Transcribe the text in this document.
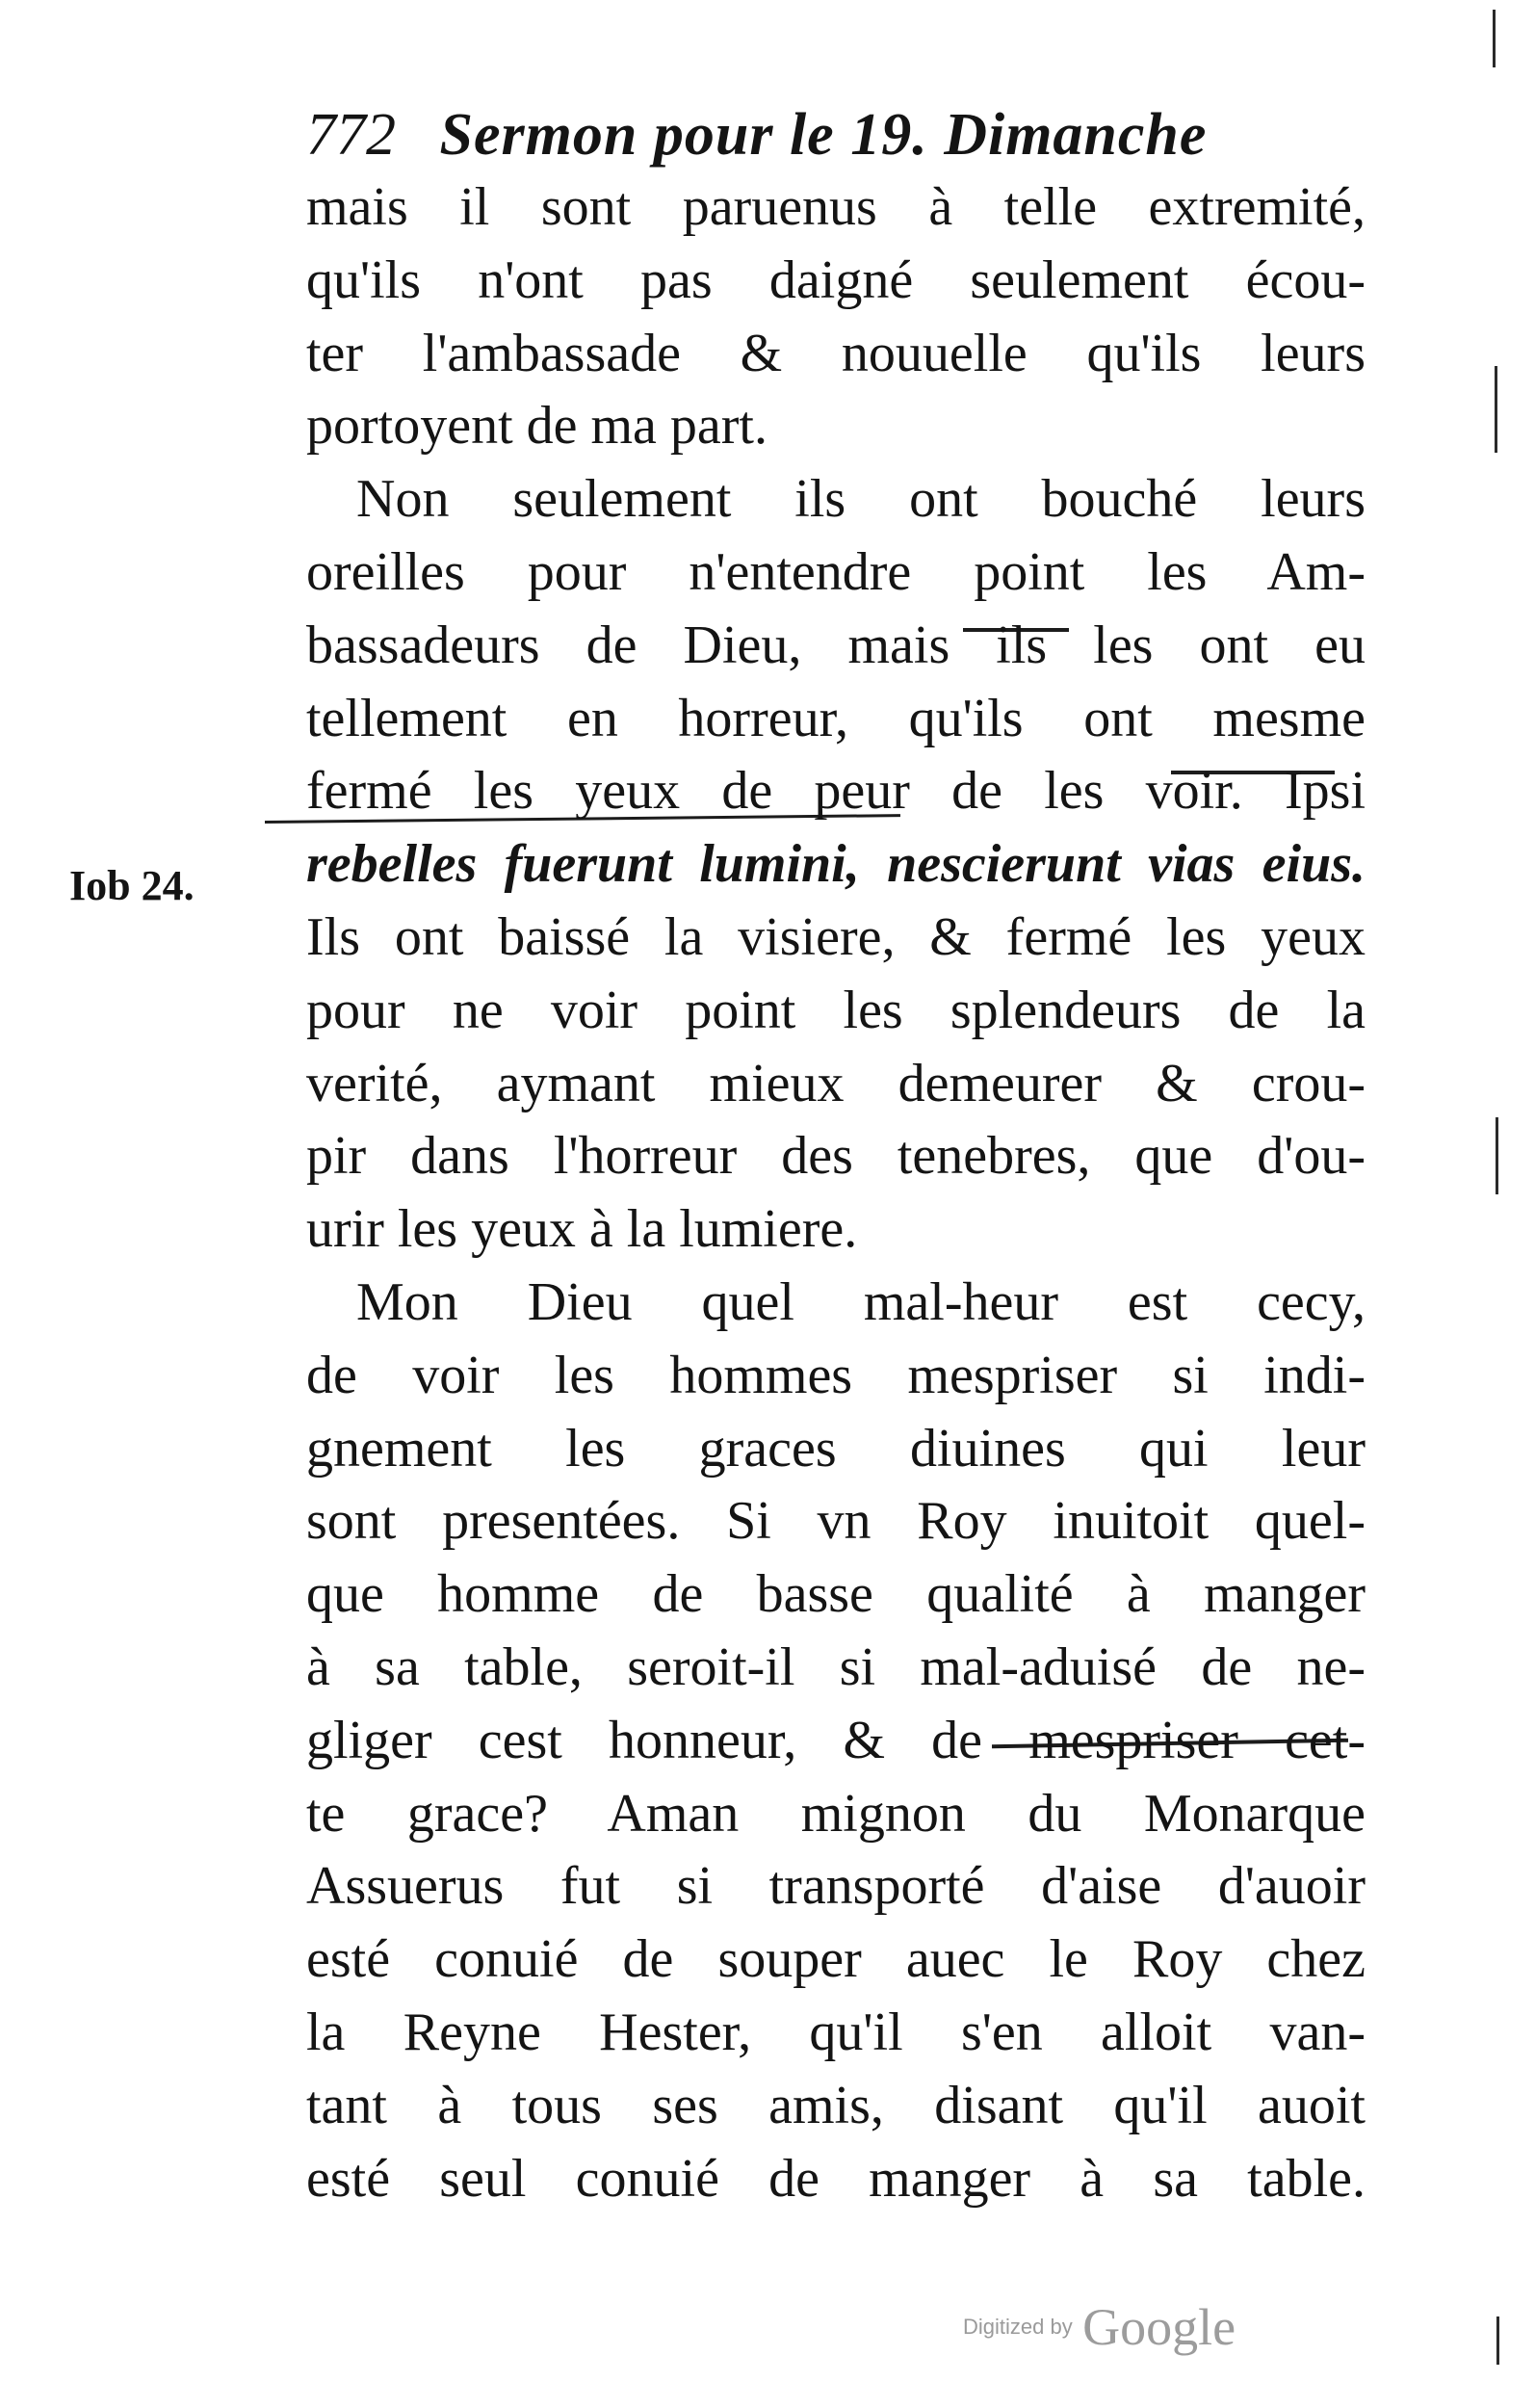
772 Sermon pour le 19. Dimanche
Iob 24.
mais il sont paruenus à telle extremité,
qu'ils n'ont pas daigné seulement écou-
ter l'ambassade & nouuelle qu'ils leurs
portoyent de ma part.
Non seulement ils ont bouché leurs
oreilles pour n'entendre point les Am-
bassadeurs de Dieu, mais ils les ont eu
tellement en horreur, qu'ils ont mesme
fermé les yeux de peur de les voir. Ipsi
rebelles fuerunt lumini, nescierunt vias eius.
Ils ont baissé la visiere, & fermé les yeux
pour ne voir point les splendeurs de la
verité, aymant mieux demeurer & crou-
pir dans l'horreur des tenebres, que d'ou-
urir les yeux à la lumiere.
Mon Dieu quel mal-heur est cecy,
de voir les hommes mespriser si indi-
gnement les graces diuines qui leur
sont presentées. Si vn Roy inuitoit quel-
que homme de basse qualité à manger
à sa table, seroit-il si mal-aduisé de ne-
gliger cest honneur, & de mespriser cet-
te grace? Aman mignon du Monarque
Assuerus fut si transporté d'aise d'auoir
esté conuié de souper auec le Roy chez
la Reyne Hester, qu'il s'en alloit van-
tant à tous ses amis, disant qu'il auoit
esté seul conuié de manger à sa table.
Digitized by Google
